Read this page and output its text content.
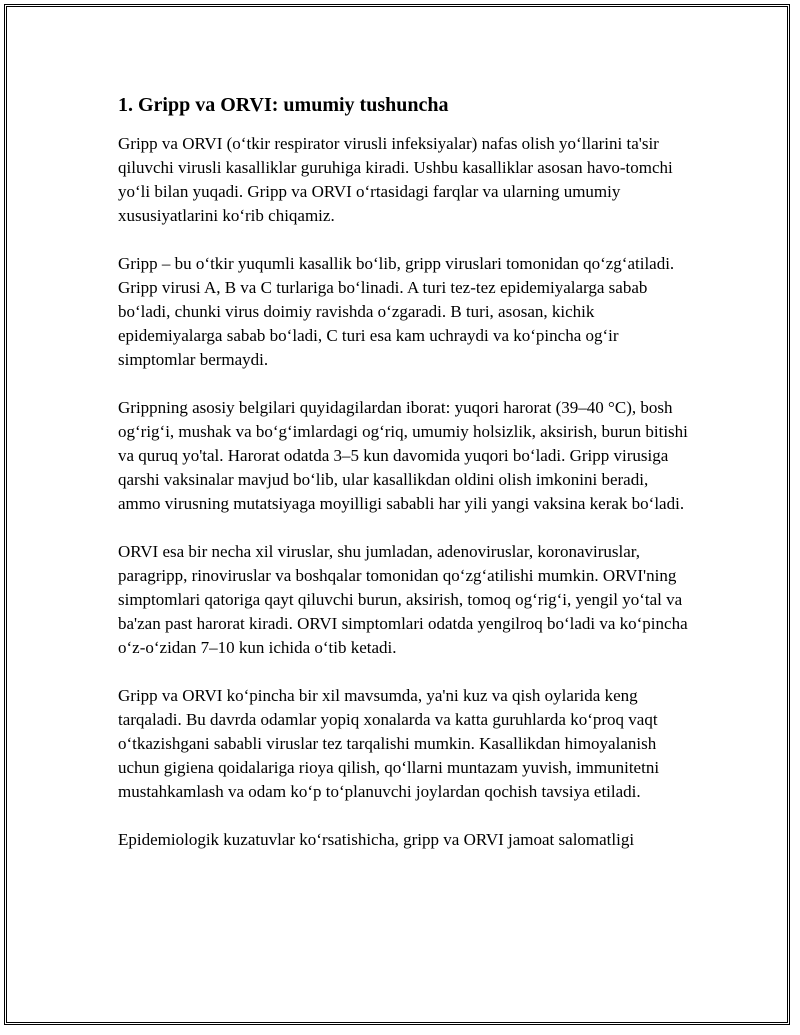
1. Gripp va ORVI: umumiy tushuncha

Gripp va ORVI (o‘tkir respirator virusli infeksiyalar) nafas olish yo‘llarini ta'sir qiluvchi virusli kasalliklar guruhiga kiradi. Ushbu kasalliklar asosan havo-tomchi yo‘li bilan yuqadi. Gripp va ORVI o‘rtasidagi farqlar va ularning umumiy xususiyatlarini ko‘rib chiqamiz.

Gripp – bu o‘tkir yuqumli kasallik bo‘lib, gripp viruslari tomonidan qo‘zg‘atiladi. Gripp virusi A, B va C turlariga bo‘linadi. A turi tez-tez epidemiyalarga sabab bo‘ladi, chunki virus doimiy ravishda o‘zgaradi. B turi, asosan, kichik epidemiyalarga sabab bo‘ladi, C turi esa kam uchraydi va ko‘pincha og‘ir simptomlar bermaydi.

Grippning asosiy belgilari quyidagilardan iborat: yuqori harorat (39–40 °C), bosh og‘rig‘i, mushak va bo‘g‘imlardagi og‘riq, umumiy holsizlik, aksirish, burun bitishi va quruq yo'tal. Harorat odatda 3–5 kun davomida yuqori bo‘ladi. Gripp virusiga qarshi vaksinalar mavjud bo‘lib, ular kasallikdan oldini olish imkonini beradi, ammo virusning mutatsiyaga moyilligi sababli har yili yangi vaksina kerak bo‘ladi.

ORVI esa bir necha xil viruslar, shu jumladan, adenoviruslar, koronaviruslar, paragripp, rinoviruslar va boshqalar tomonidan qo‘zg‘atilishi mumkin. ORVI'ning simptomlari qatoriga qayt qiluvchi burun, aksirish, tomoq og‘rig‘i, yengil yo‘tal va ba'zan past harorat kiradi. ORVI simptomlari odatda yengilroq bo‘ladi va ko‘pincha o‘z-o‘zidan 7–10 kun ichida o‘tib ketadi.

Gripp va ORVI ko‘pincha bir xil mavsumda, ya'ni kuz va qish oylarida keng tarqaladi. Bu davrda odamlar yopiq xonalarda va katta guruhlarda ko‘proq vaqt o‘tkazishgani sababli viruslar tez tarqalishi mumkin. Kasallikdan himoyalanish uchun gigiena qoidalariga rioya qilish, qo‘llarni muntazam yuvish, immunitetni mustahkamlash va odam ko‘p to‘planuvchi joylardan qochish tavsiya etiladi.

Epidemiologik kuzatuvlar ko‘rsatishicha, gripp va ORVI jamoat salomatligi
